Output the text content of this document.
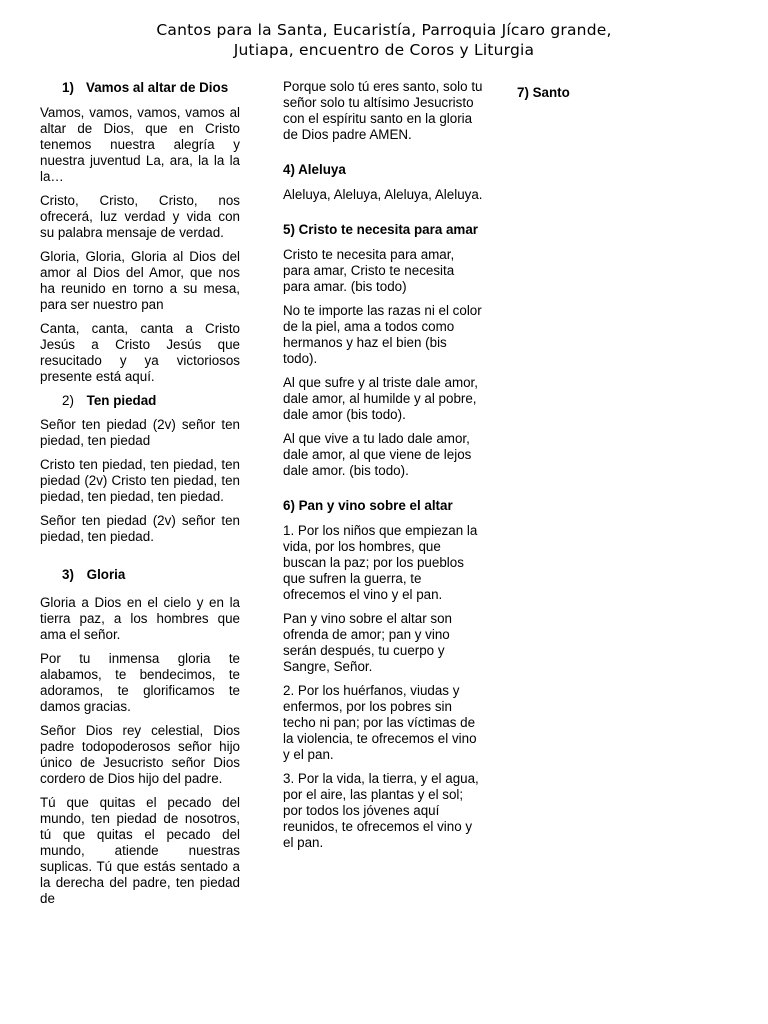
Cantos para la Santa, Eucaristía, Parroquia Jícaro grande,
Jutiapa, encuentro de Coros y Liturgia
1) Vamos al altar de Dios

Vamos, vamos, vamos, vamos al altar de Dios, que en Cristo tenemos nuestra alegría y nuestra juventud La, ara, la la la la…

Cristo, Cristo, Cristo, nos ofrecerá, luz verdad y vida con su palabra mensaje de verdad.

Gloria, Gloria, Gloria al Dios del amor al Dios del Amor, que nos ha reunido en torno a su mesa, para ser nuestro pan

Canta, canta, canta a Cristo Jesús a Cristo Jesús que resucitado y ya victoriosos presente está aquí.

2) Ten piedad

Señor ten piedad (2v) señor ten piedad, ten piedad

Cristo ten piedad, ten piedad, ten piedad (2v) Cristo ten piedad, ten piedad, ten piedad, ten piedad.

Señor ten piedad (2v) señor ten piedad, ten piedad.

3) Gloria

Gloria a Dios en el cielo y en la tierra paz, a los hombres que ama el señor.

Por tu inmensa gloria te alabamos, te bendecimos, te adoramos, te glorificamos te damos gracias.

Señor Dios rey celestial, Dios padre todopoderosos señor hijo único de Jesucristo señor Dios cordero de Dios hijo del padre.

Tú que quitas el pecado del mundo, ten piedad de nosotros, tú que quitas el pecado del mundo, atiende nuestras suplicas. Tú que estás sentado a la derecha del padre, ten piedad de

Porque solo tú eres santo, solo tu señor solo tu altísimo Jesucristo con el espíritu santo en la gloria de Dios padre AMEN.

4) Aleluya

Aleluya, Aleluya, Aleluya, Aleluya.

5) Cristo te necesita para amar

Cristo te necesita para amar, para amar, Cristo te necesita para amar. (bis todo)

No te importe las razas ni el color de la piel, ama a todos como hermanos y haz el bien (bis todo).

Al que sufre y al triste dale amor, dale amor, al humilde y al pobre, dale amor (bis todo).

Al que vive a tu lado dale amor, dale amor, al que viene de lejos dale amor. (bis todo).

6) Pan y vino sobre el altar

1. Por los niños que empiezan la vida, por los hombres, que buscan la paz; por los pueblos que sufren la guerra, te ofrecemos el vino y el pan.

Pan y vino sobre el altar son ofrenda de amor; pan y vino serán después, tu cuerpo y Sangre, Señor.

2. Por los huérfanos, viudas y enfermos, por los pobres sin techo ni pan; por las víctimas de la violencia, te ofrecemos el vino y el pan.

3. Por la vida, la tierra, y el agua, por el aire, las plantas y el sol; por todos los jóvenes aquí reunidos, te ofrecemos el vino y el pan.

7) Santo
